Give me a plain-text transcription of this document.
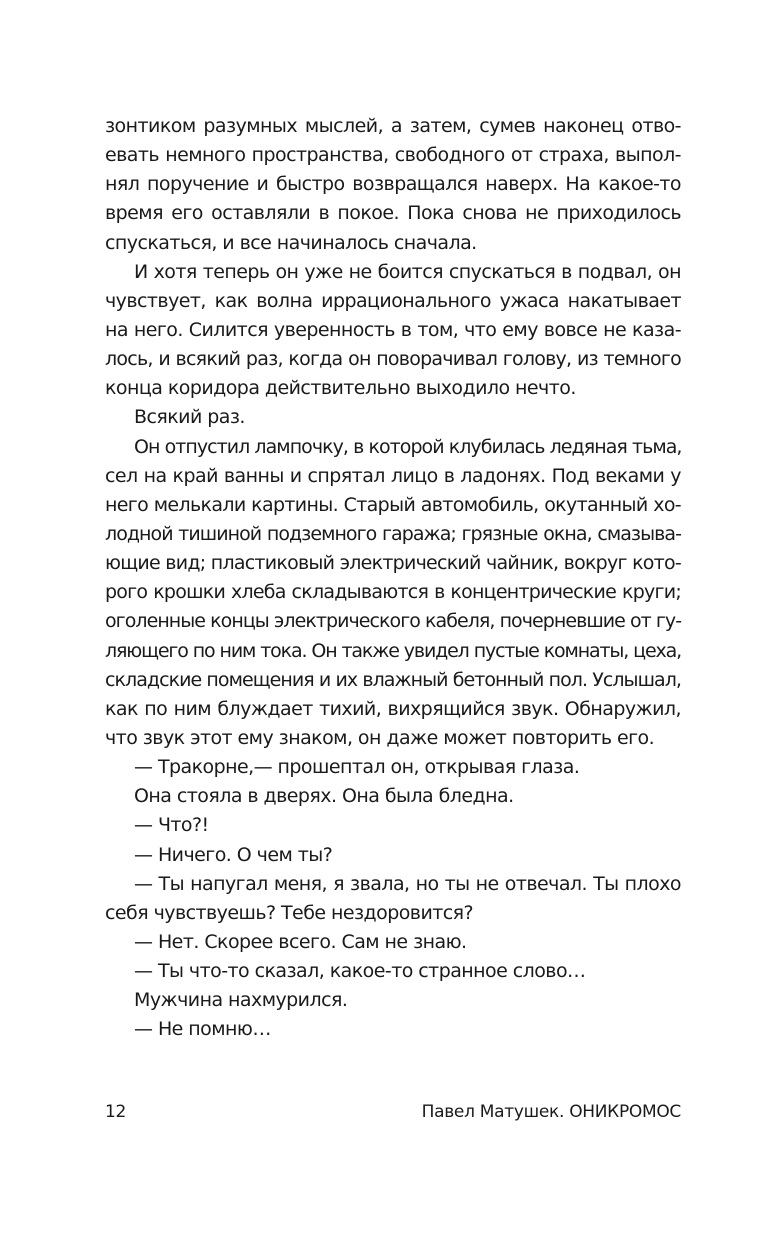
зонтиком разумных мыслей, а затем, сумев наконец отво-
евать немного пространства, свободного от страха, выпол-
нял поручение и быстро возвращался наверх. На какое-то
время его оставляли в покое. Пока снова не приходилось
спускаться, и все начиналось сначала.
И хотя теперь он уже не боится спускаться в подвал, он
чувствует, как волна иррационального ужаса накатывает
на него. Силится уверенность в том, что ему вовсе не каза-
лось, и всякий раз, когда он поворачивал голову, из темного
конца коридора действительно выходило нечто.
Всякий раз.
Он отпустил лампочку, в которой клубилась ледяная тьма,
сел на край ванны и спрятал лицо в ладонях. Под веками у
него мелькали картины. Старый автомобиль, окутанный хо-
лодной тишиной подземного гаража; грязные окна, смазыва-
ющие вид; пластиковый электрический чайник, вокруг кото-
рого крошки хлеба складываются в концентрические круги;
оголенные концы электрического кабеля, почерневшие от гу-
ляющего по ним тока. Он также увидел пустые комнаты, цеха,
складские помещения и их влажный бетонный пол. Услышал,
как по ним блуждает тихий, вихрящийся звук. Обнаружил,
что звук этот ему знаком, он даже может повторить его.
— Тракорне,— прошептал он, открывая глаза.
Она стояла в дверях. Она была бледна.
— Что?!
— Ничего. О чем ты?
— Ты напугал меня, я звала, но ты не отвечал. Ты плохо
себя чувствуешь? Тебе нездоровится?
— Нет. Скорее всего. Сам не знаю.
— Ты что-то сказал, какое-то странное слово…
Мужчина нахмурился.
— Не помню…
12	Павел Матушек. ОНИКРОМОС
